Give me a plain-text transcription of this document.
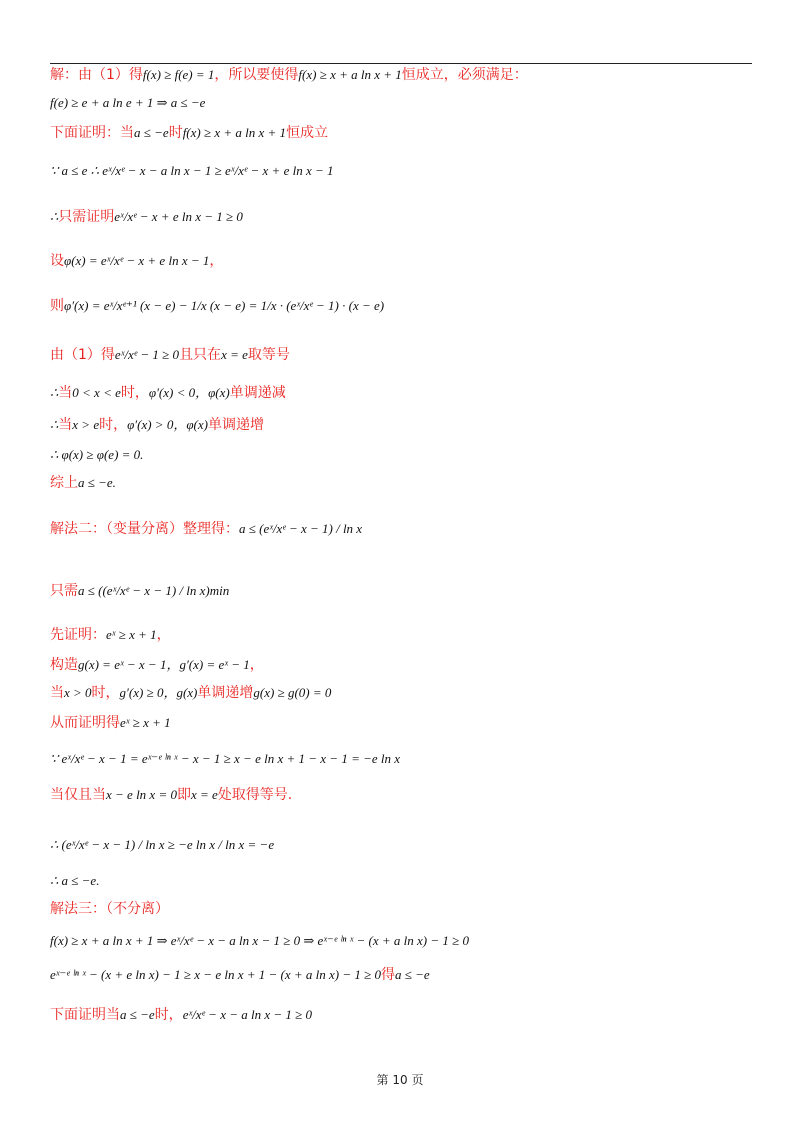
解：由（1）得f(x) ≥ f(e) = 1，所以要使得f(x) ≥ x + a ln x + 1恒成立，必须满足：
f(e) ≥ e + a ln e + 1 ⇒ a ≤ −e
下面证明：当a ≤ −e时f(x) ≥ x + a ln x + 1恒成立
∵ a ≤ e ∴ eˣ/xᵉ − x − a ln x − 1 ≥ eˣ/xᵉ − x + e ln x − 1
∴只需证明eˣ/xᵉ − x + e ln x − 1 ≥ 0
设φ(x) = eˣ/xᵉ − x + e ln x − 1，
则φ′(x) = eˣ/xᵉ⁺¹ (x − e) − 1/x (x − e) = 1/x · (eˣ/xᵉ − 1) · (x − e)
由（1）得eˣ/xᵉ − 1 ≥ 0且只在x = e取等号
∴当0 < x < e时，φ′(x) < 0，φ(x)单调递减
∴当x > e时，φ′(x) > 0，φ(x)单调递增
∴ φ(x) ≥ φ(e) = 0.
综上a ≤ −e.
解法二：（变量分离）整理得：a ≤ (eˣ/xᵉ − x − 1) / ln x
只需a ≤ ((eˣ/xᵉ − x − 1) / ln x)min
先证明：eˣ ≥ x + 1，
构造g(x) = eˣ − x − 1，g′(x) = eˣ − 1，
当x > 0时，g′(x) ≥ 0，g(x)单调递增g(x) ≥ g(0) = 0
从而证明得eˣ ≥ x + 1
∵ eˣ/xᵉ − x − 1 = eˣ⁻ᵉ ˡⁿ ˣ − x − 1 ≥ x − e ln x + 1 − x − 1 = −e ln x
当仅且当x − e ln x = 0即x = e处取得等号.
∴ (eˣ/xᵉ − x − 1) / ln x ≥ −e ln x / ln x = −e
∴ a ≤ −e.
解法三：（不分离）
f(x) ≥ x + a ln x + 1 ⇒ eˣ/xᵉ − x − a ln x − 1 ≥ 0 ⇒ eˣ⁻ᵉ ˡⁿ ˣ − (x + a ln x) − 1 ≥ 0
eˣ⁻ᵉ ˡⁿ ˣ − (x + e ln x) − 1 ≥ x − e ln x + 1 − (x + a ln x) − 1 ≥ 0得a ≤ −e
下面证明当a ≤ −e时，eˣ/xᵉ − x − a ln x − 1 ≥ 0
第 10 页
